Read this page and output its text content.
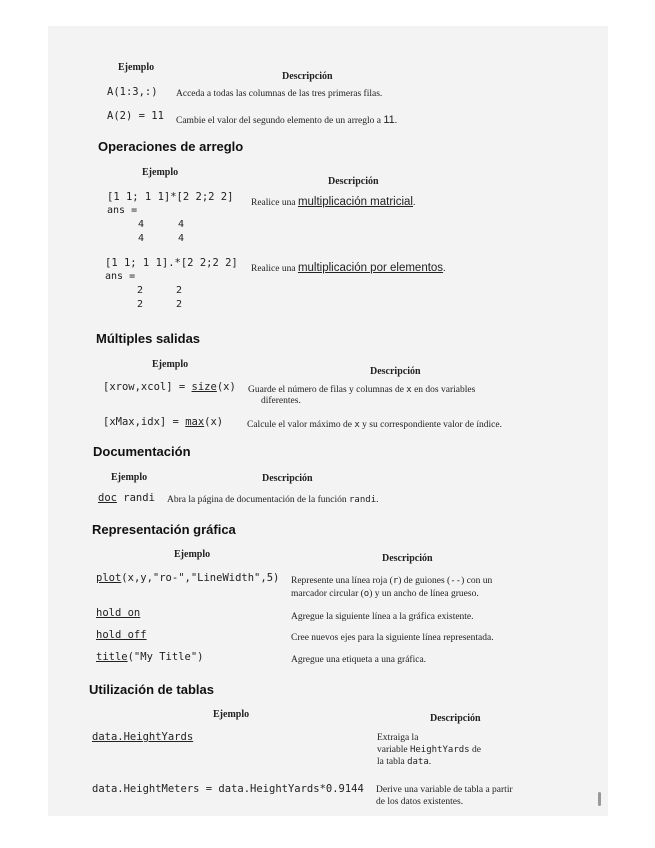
Ejemplo
Descripción
A(1:3,:) Acceda a todas las columnas de las tres primeras filas.
A(2) = 11 Cambie el valor del segundo elemento de un arreglo a 11.
Operaciones de arreglo
Ejemplo
Descripción
[1 1; 1 1]*[2 2;2 2] Realice una multiplicación matricial.
ans =
4	4
4	4
[1 1; 1 1].*[2 2;2 2] Realice una multiplicación por elementos.
ans =
2	2
2	2
Múltiples salidas
Ejemplo
Descripción
[xrow,xcol] = size(x) Guarde el número de filas y columnas de x en dos variables
diferentes.
[xMax,idx] = max(x)	Calcule el valor máximo de x y su correspondiente valor de índice.
Documentación
Ejemplo	Descripción
doc randi Abra la página de documentación de la función randi.
Representación gráfica
Ejemplo	Descripción
plot(x,y,"ro-","LineWidth",5) Represente una línea roja (r) de guiones (--) con un
marcador circular (o) y un ancho de línea grueso.
hold on	Agregue la siguiente línea a la gráfica existente.
hold off	Cree nuevos ejes para la siguiente línea representada.
title("My Title")	Agregue una etiqueta a una gráfica.
Utilización de tablas
Ejemplo	Descripción
data.HeightYards	Extraiga la
variable HeightYards de
la tabla data.
data.HeightMeters = data.HeightYards*0.9144 Derive una variable de tabla a partir
de los datos existentes.
